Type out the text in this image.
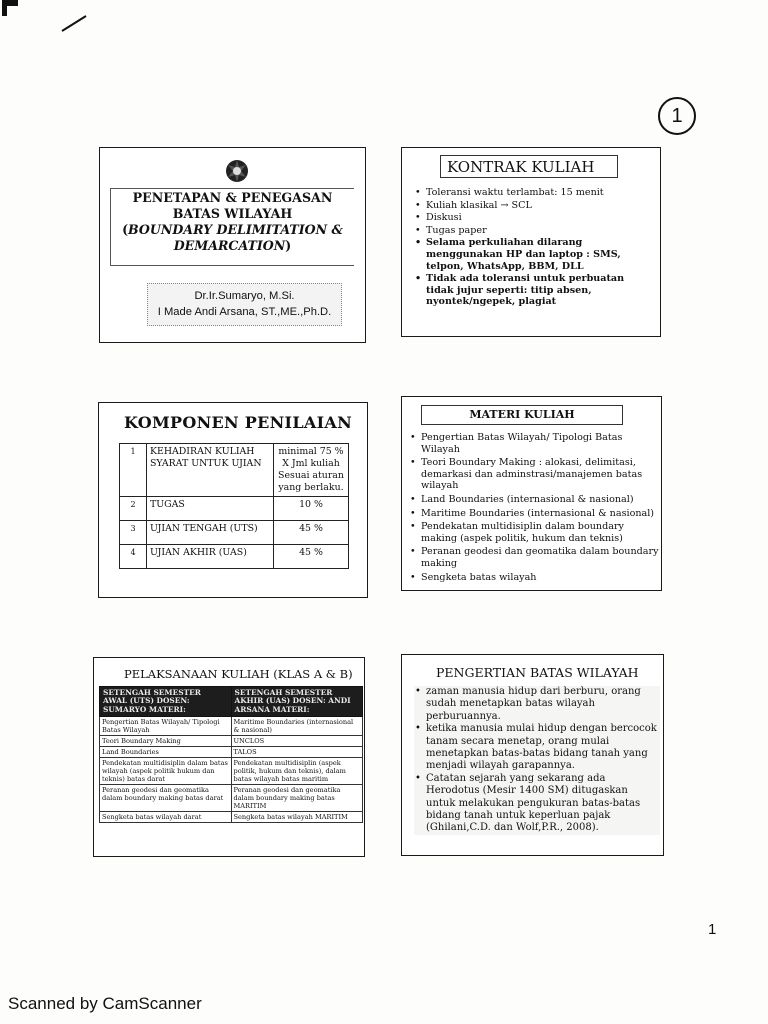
1
PENETAPAN & PENEGASAN
BATAS WILAYAH
(BOUNDARY DELIMITATION &
DEMARCATION)
Dr.Ir.Sumaryo, M.Si.
I Made Andi Arsana, ST.,ME.,Ph.D.
KONTRAK KULIAH
• Toleransi waktu terlambat: 15 menit
• Kuliah klasikal → SCL
• Diskusi
• Tugas paper
• Selama perkuliahan dilarang menggunakan HP dan laptop : SMS, telpon, WhatsApp, BBM, DLL
• Tidak ada toleransi untuk perbuatan tidak jujur seperti: titip absen, nyontek/ngepek, plagiat
KOMPONEN PENILAIAN
1	KEHADIRAN KULIAH SYARAT UNTUK UJIAN	minimal 75 % X Jml kuliah Sesuai aturan yang berlaku.
2	TUGAS	10 %
3	UJIAN TENGAH (UTS)	45 %
4	UJIAN AKHIR (UAS)	45 %
MATERI KULIAH
• Pengertian Batas Wilayah/ Tipologi Batas Wilayah
• Teori Boundary Making : alokasi, delimitasi, demarkasi dan adminstrasi/manajemen batas wilayah
• Land Boundaries (internasional & nasional)
• Maritime Boundaries (internasional & nasional)
• Pendekatan multidisiplin dalam boundary making (aspek politik, hukum dan teknis)
• Peranan geodesi dan geomatika dalam boundary making
• Sengketa batas wilayah
PELAKSANAAN KULIAH (KLAS A & B)
SETENGAH SEMESTER AWAL (UTS) DOSEN: SUMARYO MATERI:	SETENGAH SEMESTER AKHIR (UAS) DOSEN: ANDI ARSANA MATERI:
Pengertian Batas Wilayah/ Tipologi Batas Wilayah	Maritime Boundaries (internasional & nasional)
Teori Boundary Making	UNCLOS
Land Boundaries	TALOS
Pendekatan multidisiplin dalam batas wilayah (aspek politik hukum dan teknis) batas darat	Pendekatan multidisiplin (aspek politik, hukum dan teknis), dalam batas wilayah batas maritim
Peranan geodesi dan geomatika dalam boundary making batas darat	Peranan geodesi dan geomatika dalam boundary making batas MARITIM
Sengketa batas wilayah darat	Sengketa batas wilayah MARITIM
PENGERTIAN BATAS WILAYAH
• zaman manusia hidup dari berburu, orang sudah menetapkan batas wilayah perburuannya.
• ketika manusia mulai hidup dengan bercocok tanam secara menetap, orang mulai menetapkan batas-batas bidang tanah yang menjadi wilayah garapannya.
• Catatan sejarah yang sekarang ada Herodotus (Mesir 1400 SM) ditugaskan untuk melakukan pengukuran batas-batas bidang tanah untuk keperluan pajak (Ghilani,C.D. dan Wolf,P.R., 2008).
1
Scanned by CamScanner
